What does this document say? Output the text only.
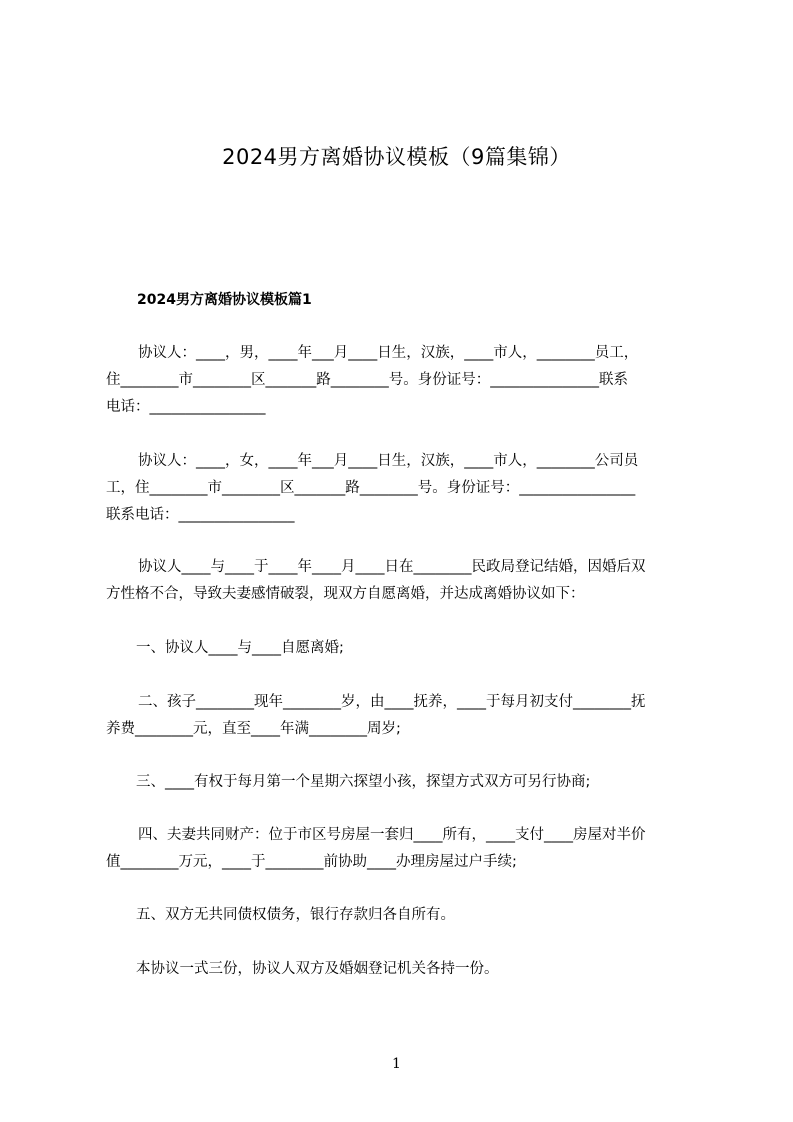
2024男方离婚协议模板（9篇集锦）
2024男方离婚协议模板篇1
协议人：____，男，____年___月____日生，汉族，____市人，________员工，
住________市________区_______路________号。身份证号：_______________联系
电话：________________
协议人：____，女，____年___月____日生，汉族，____市人，________公司员
工，住________市________区_______路________号。身份证号：________________
联系电话：________________
协议人____与____于____年____月____日在________民政局登记结婚，因婚后双
方性格不合，导致夫妻感情破裂，现双方自愿离婚，并达成离婚协议如下：
一、协议人____与____自愿离婚;
二、孩子________现年________岁，由____抚养，____于每月初支付________抚
养费________元，直至____年满________周岁;
三、____有权于每月第一个星期六探望小孩，探望方式双方可另行协商;
四、夫妻共同财产：位于市区号房屋一套归____所有，____支付____房屋对半价
值________万元，____于________前协助____办理房屋过户手续;
五、双方无共同债权债务，银行存款归各自所有。
本协议一式三份，协议人双方及婚姻登记机关各持一份。
1
